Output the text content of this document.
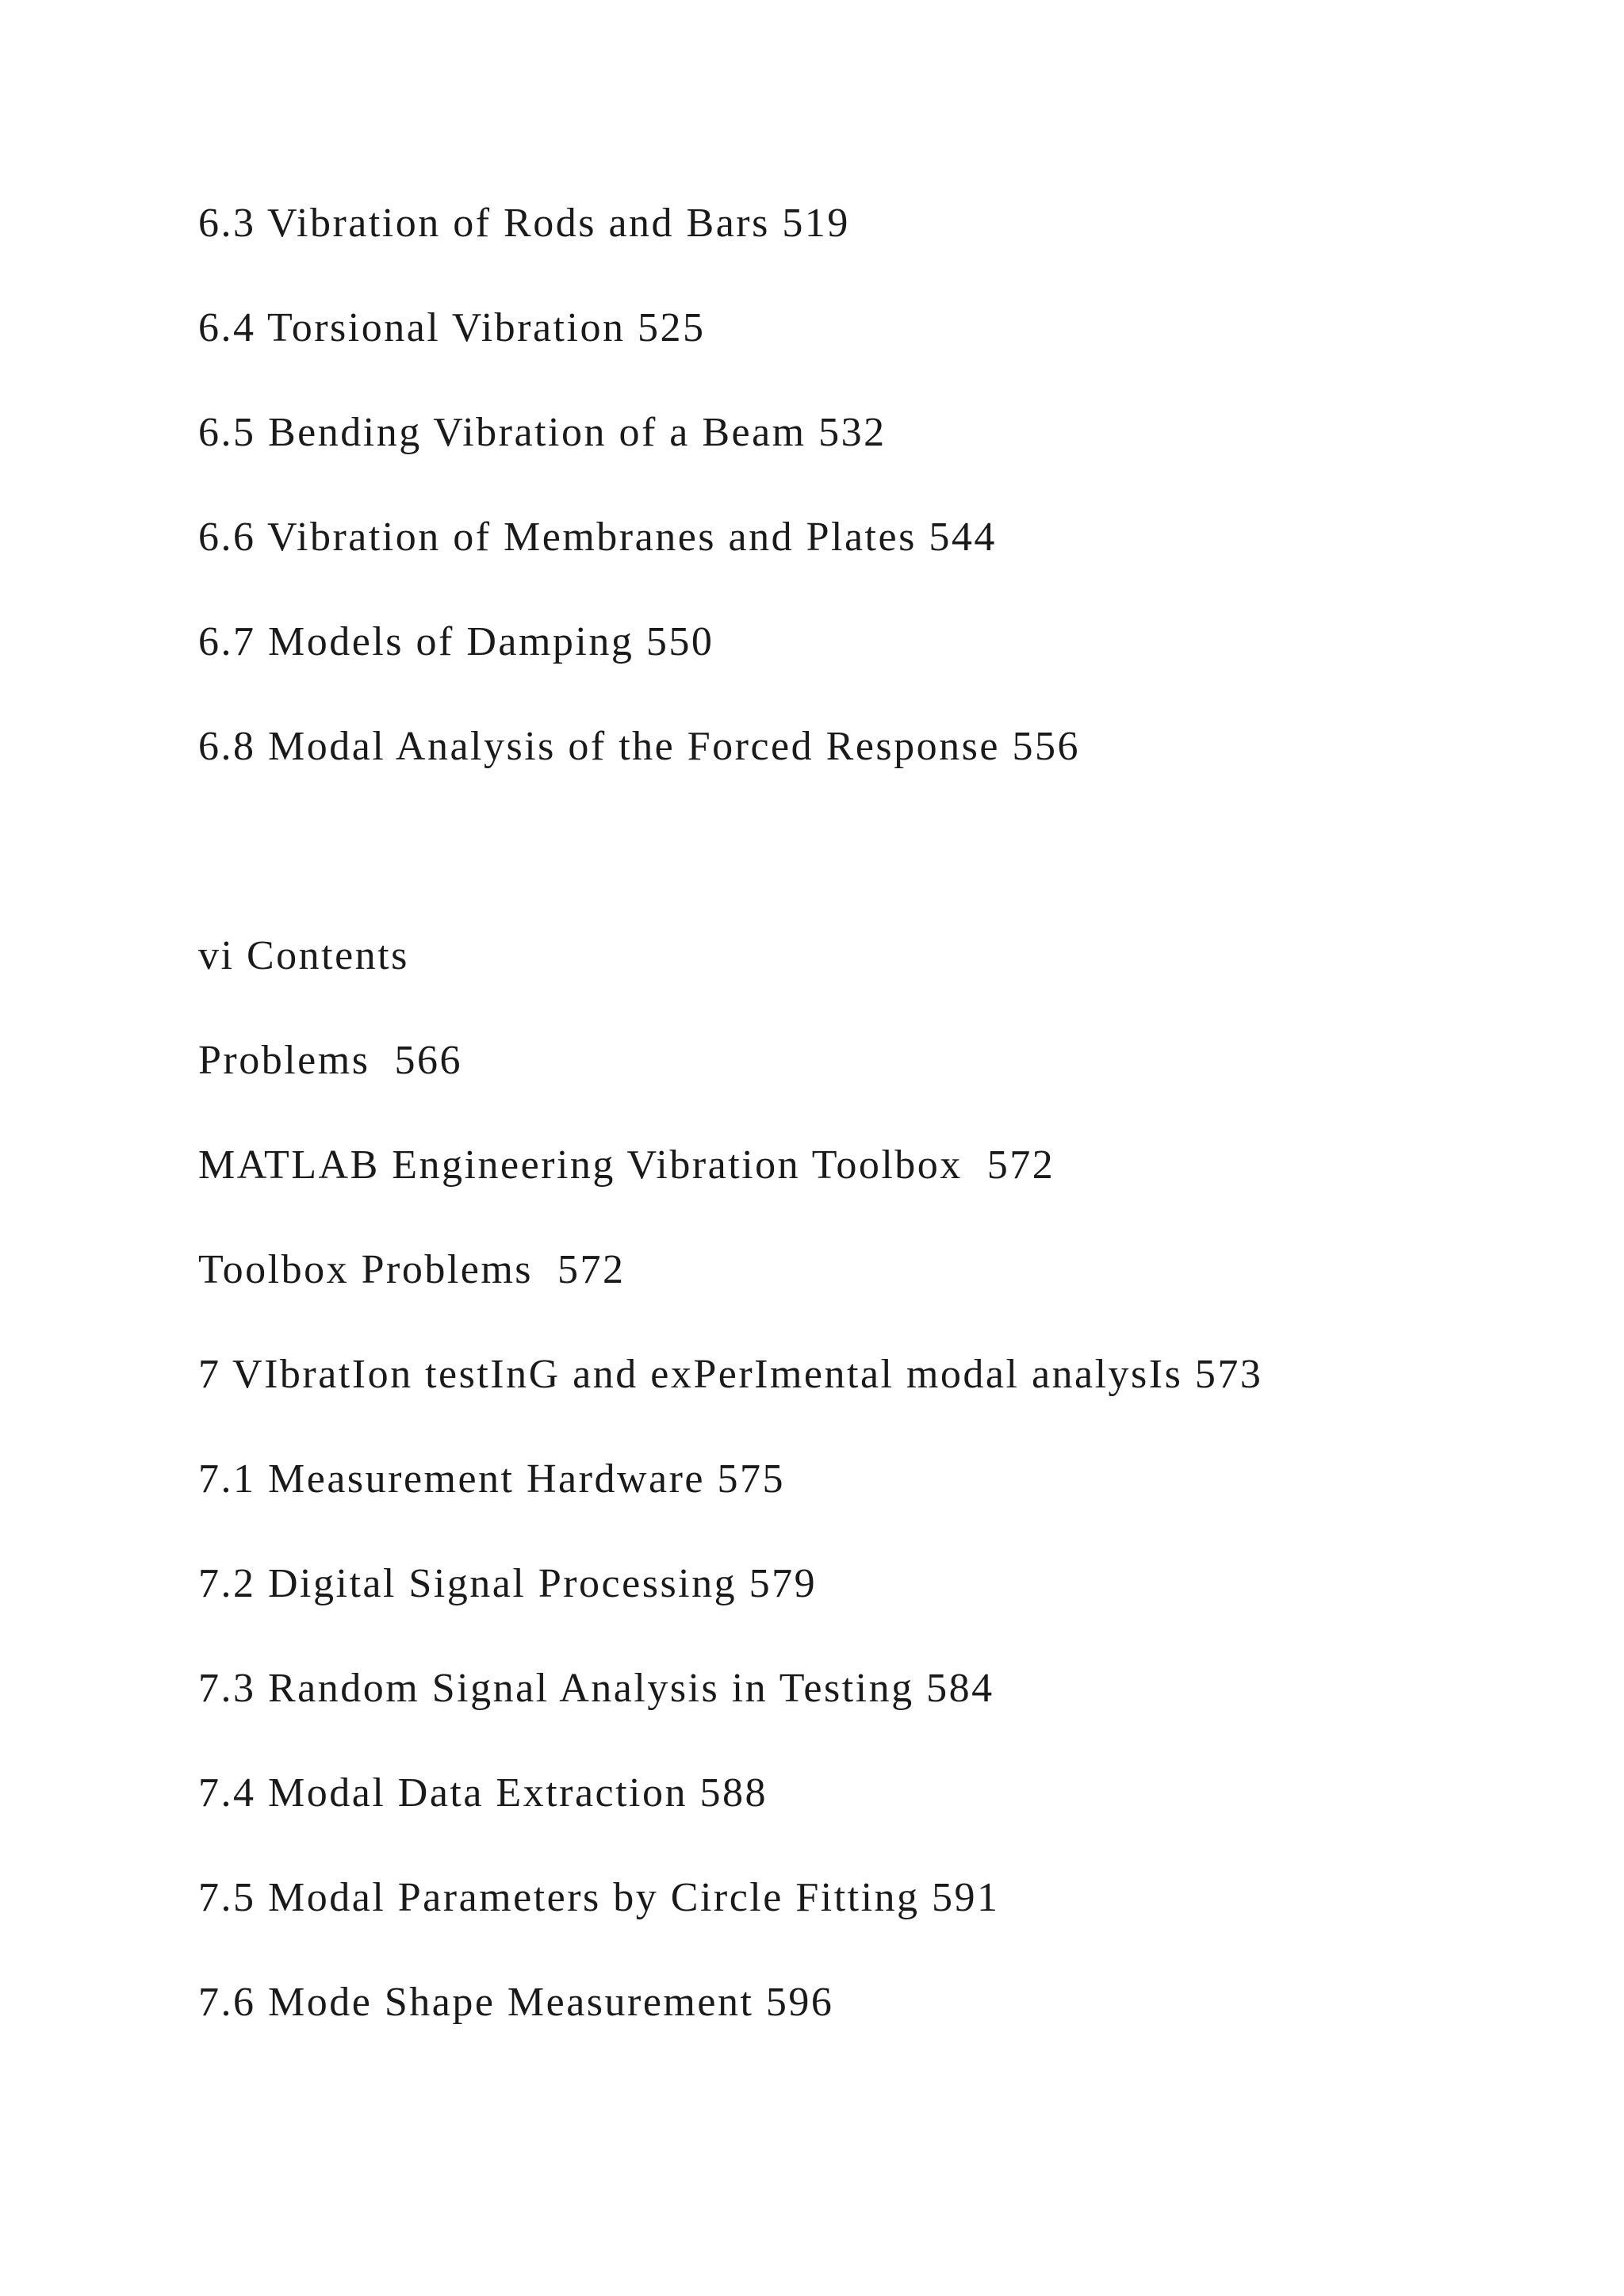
6.3 Vibration of Rods and Bars 519

6.4 Torsional Vibration 525

6.5 Bending Vibration of a Beam 532

6.6 Vibration of Membranes and Plates 544

6.7 Models of Damping 550

6.8 Modal Analysis of the Forced Response 556

vi Contents

Problems  566

MATLAB Engineering Vibration Toolbox  572

Toolbox Problems  572

7 VIbratIon testInG and exPerImental modal analysIs 573

7.1 Measurement Hardware 575

7.2 Digital Signal Processing 579

7.3 Random Signal Analysis in Testing 584

7.4 Modal Data Extraction 588

7.5 Modal Parameters by Circle Fitting 591

7.6 Mode Shape Measurement 596
